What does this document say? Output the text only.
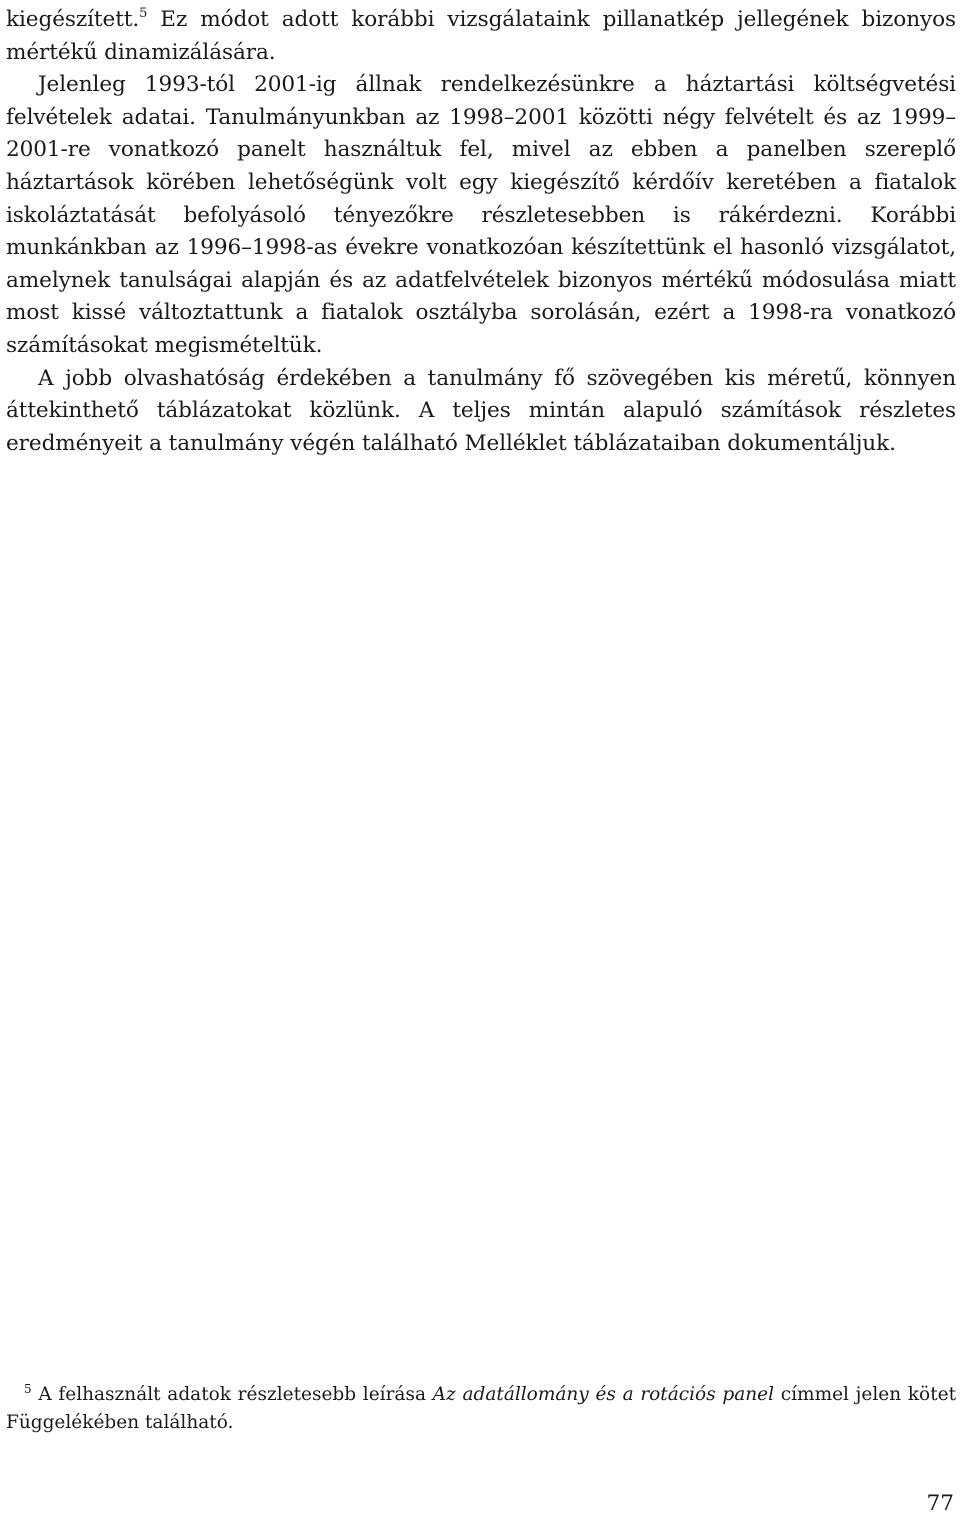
kiegészített.$^5$ Ez módot adott korábbi vizsgálataink pillanatkép jellegének bizonyos mértékű dinamizálására.

Jelenleg 1993-tól 2001-ig állnak rendelkezésünkre a háztartási költségvetési felvételek adatai. Tanulmányunkban az 1998–2001 közötti négy felvételt és az 1999–2001-re vonatkozó panelt használtuk fel, mivel az ebben a panelben szereplő háztartások körében lehetőségünk volt egy kiegészítő kérdőív keretében a fiatalok iskoláztatását befolyásoló tényezőkre részletesebben is rákérdezni. Korábbi munkánkban az 1996–1998-as évekre vonatkozóan készítettünk el hasonló vizsgálatot, amelynek tanulságai alapján és az adatfelvételek bizonyos mértékű módosulása miatt most kissé változtattunk a fiatalok osztályba sorolásán, ezért a 1998-ra vonatkozó számításokat megismételtük.

A jobb olvashatóság érdekében a tanulmány fő szövegében kis méretű, könnyen áttekinthető táblázatokat közlünk. A teljes mintán alapuló számítások részletes eredményeit a tanulmány végén található Melléklet táblázataiban dokumentáljuk.

$^5$ A felhasznált adatok részletesebb leírása Az adatállomány és a rotációs panel címmel jelen kötet Függelékében található.

77
